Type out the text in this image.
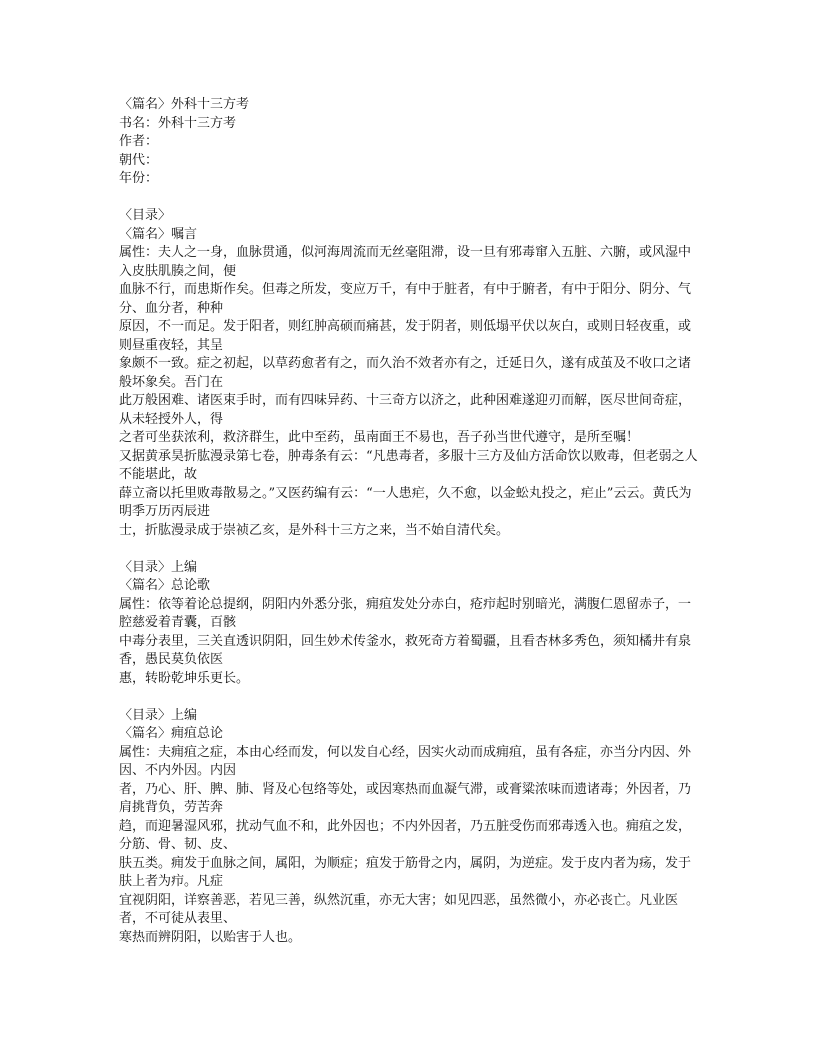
〈篇名〉外科十三方考

书名：外科十三方考

作者：

朝代：

年份：

〈目录〉

〈篇名〉嘱言

属性：夫人之一身，血脉贯通，似河海周流而无丝毫阻滞，设一旦有邪毒窜入五脏、六腑，或风湿中入皮肤肌腠之间，便

血脉不行，而患斯作矣。但毒之所发，变应万千，有中于脏者，有中于腑者，有中于阳分、阴分、气分、血分者，种种

原因，不一而足。发于阳者，则红肿高硕而痛甚，发于阴者，则低塌平伏以灰白，或则日轻夜重，或则昼重夜轻，其呈

象颇不一致。症之初起，以草药愈者有之，而久治不效者亦有之，迁延日久，遂有成茧及不收口之诸般坏象矣。吾门在

此万般困难、诸医束手时，而有四味异药、十三奇方以济之，此种困难遂迎刃而解，医尽世间奇症，从未轻授外人，得

之者可坐获浓利，救济群生，此中至药，虽南面王不易也，吾子孙当世代遵守，是所至嘱！

又据黄承昊折肱漫录第七卷，肿毒条有云：“凡患毒者，多服十三方及仙方活命饮以败毒，但老弱之人不能堪此，故

薛立斋以托里败毒散易之。”又医药编有云：“一人患疟，久不愈，以金蚣丸投之，疟止”云云。黄氏为明季万历丙辰进

士，折肱漫录成于崇祯乙亥，是外科十三方之来，当不始自清代矣。

〈目录〉上编

〈篇名〉总论歌

属性：依等着论总提纲，阴阳内外悉分张，痈疽发处分赤白，疮疖起时别暗光，满腹仁恩留赤子，一腔慈爱着青囊，百骸

中毒分表里，三关直透识阴阳，回生妙术传釜水，救死奇方着蜀疆，且看杏林多秀色，须知橘井有泉香，愚民莫负依医

惠，转盼乾坤乐更长。

〈目录〉上编

〈篇名〉痈疽总论

属性：夫痈疽之症，本由心经而发，何以发自心经，因实火动而成痈疽，虽有各症，亦当分内因、外因、不内外因。内因

者，乃心、肝、脾、肺、肾及心包络等处，或因寒热而血凝气滞，或膏粱浓味而遗诸毒；外因者，乃肩挑背负，劳苦奔

趋，而迎暑湿风邪，扰动气血不和，此外因也；不内外因者，乃五脏受伤而邪毒透入也。痈疽之发，分筋、骨、韧、皮、

肤五类。痈发于血脉之间，属阳，为顺症；疽发于筋骨之内，属阴，为逆症。发于皮内者为疡，发于肤上者为疖。凡症

宜视阴阳，详察善恶，若见三善，纵然沉重，亦无大害；如见四恶，虽然微小，亦必丧亡。凡业医者，不可徒从表里、

寒热而辨阴阳，以贻害于人也。
